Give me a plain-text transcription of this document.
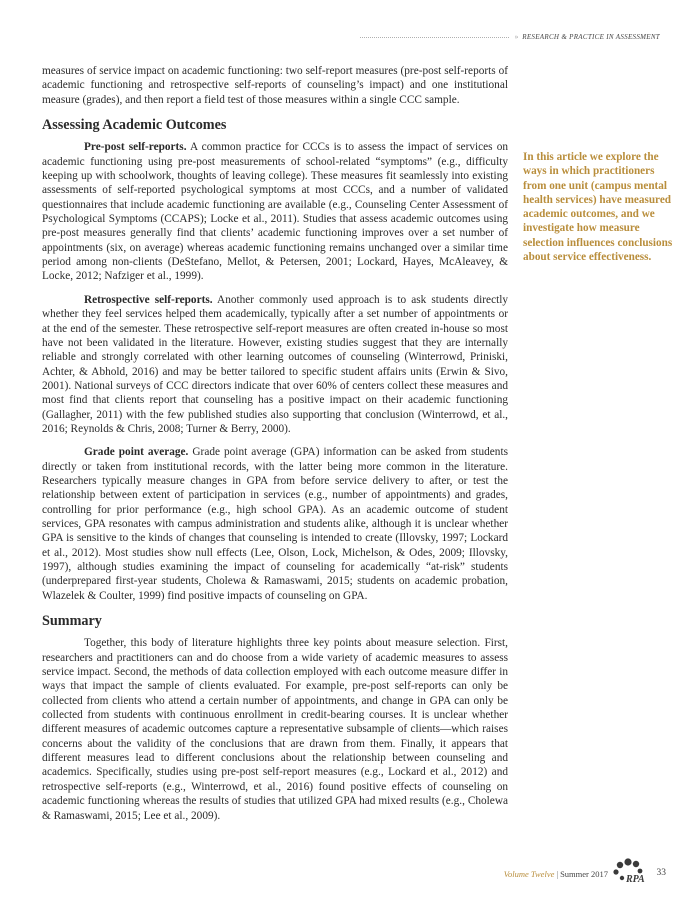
» RESEARCH & PRACTICE IN ASSESSMENT

measures of service impact on academic functioning: two self-report measures (pre-post self-reports of academic functioning and retrospective self-reports of counseling’s impact) and one institutional measure (grades), and then report a field test of those measures within a single CCC sample.

Assessing Academic Outcomes

Pre-post self-reports. A common practice for CCCs is to assess the impact of services on academic functioning using pre-post measurements of school-related “symptoms” (e.g., difficulty keeping up with schoolwork, thoughts of leaving college). These measures fit seamlessly into existing assessments of self-reported psychological symptoms at most CCCs, and a number of validated questionnaires that include academic functioning are available (e.g., Counseling Center Assessment of Psychological Symptoms (CCAPS); Locke et al., 2011). Studies that assess academic outcomes using pre-post measures generally find that clients’ academic functioning improves over a set number of appointments (six, on average) whereas academic functioning remains unchanged over a similar time period among non-clients (DeStefano, Mellot, & Petersen, 2001; Lockard, Hayes, McAleavey, & Locke, 2012; Nafziger et al., 1999).

Retrospective self-reports. Another commonly used approach is to ask students directly whether they feel services helped them academically, typically after a set number of appointments or at the end of the semester. These retrospective self-report measures are often created in-house so most have not been validated in the literature. However, existing studies suggest that they are internally reliable and strongly correlated with other learning outcomes of counseling (Winterrowd, Priniski, Achter, & Abhold, 2016) and may be better tailored to specific student affairs units (Erwin & Sivo, 2001). National surveys of CCC directors indicate that over 60% of centers collect these measures and most find that clients report that counseling has a positive impact on their academic functioning (Gallagher, 2011) with the few published studies also supporting that conclusion (Winterrowd, et al., 2016; Reynolds & Chris, 2008; Turner & Berry, 2000).

Grade point average. Grade point average (GPA) information can be asked from students directly or taken from institutional records, with the latter being more common in the literature. Researchers typically measure changes in GPA from before service delivery to after, or test the relationship between extent of participation in services (e.g., number of appointments) and grades, controlling for prior performance (e.g., high school GPA). As an academic outcome of student services, GPA resonates with campus administration and students alike, although it is unclear whether GPA is sensitive to the kinds of changes that counseling is intended to create (Illovsky, 1997; Lockard et al., 2012). Most studies show null effects (Lee, Olson, Lock, Michelson, & Odes, 2009; Illovsky, 1997), although studies examining the impact of counseling for academically “at-risk” students (underprepared first-year students, Cholewa & Ramaswami, 2015; students on academic probation, Wlazelek & Coulter, 1999) find positive impacts of counseling on GPA.

Summary

Together, this body of literature highlights three key points about measure selection. First, researchers and practitioners can and do choose from a wide variety of academic measures to assess service impact. Second, the methods of data collection employed with each outcome measure differ in ways that impact the sample of clients evaluated. For example, pre-post self-reports can only be collected from clients who attend a certain number of appointments, and change in GPA can only be collected from students with continuous enrollment in credit-bearing courses. It is unclear whether different measures of academic outcomes capture a representative subsample of clients—which raises concerns about the validity of the conclusions that are drawn from them. Finally, it appears that different measures lead to different conclusions about the relationship between counseling and academics. Specifically, studies using pre-post self-report measures (e.g., Lockard et al., 2012) and retrospective self-reports (e.g., Winterrowd, et al., 2016) found positive effects of counseling on academic functioning whereas the results of studies that utilized GPA had mixed results (e.g., Cholewa & Ramaswami, 2015; Lee et al., 2009).

In this article we explore the ways in which practitioners from one unit (campus mental health services) have measured academic outcomes, and we investigate how measure selection influences conclusions about service effectiveness.
Volume Twelve | Summer 2017 RPA
33
